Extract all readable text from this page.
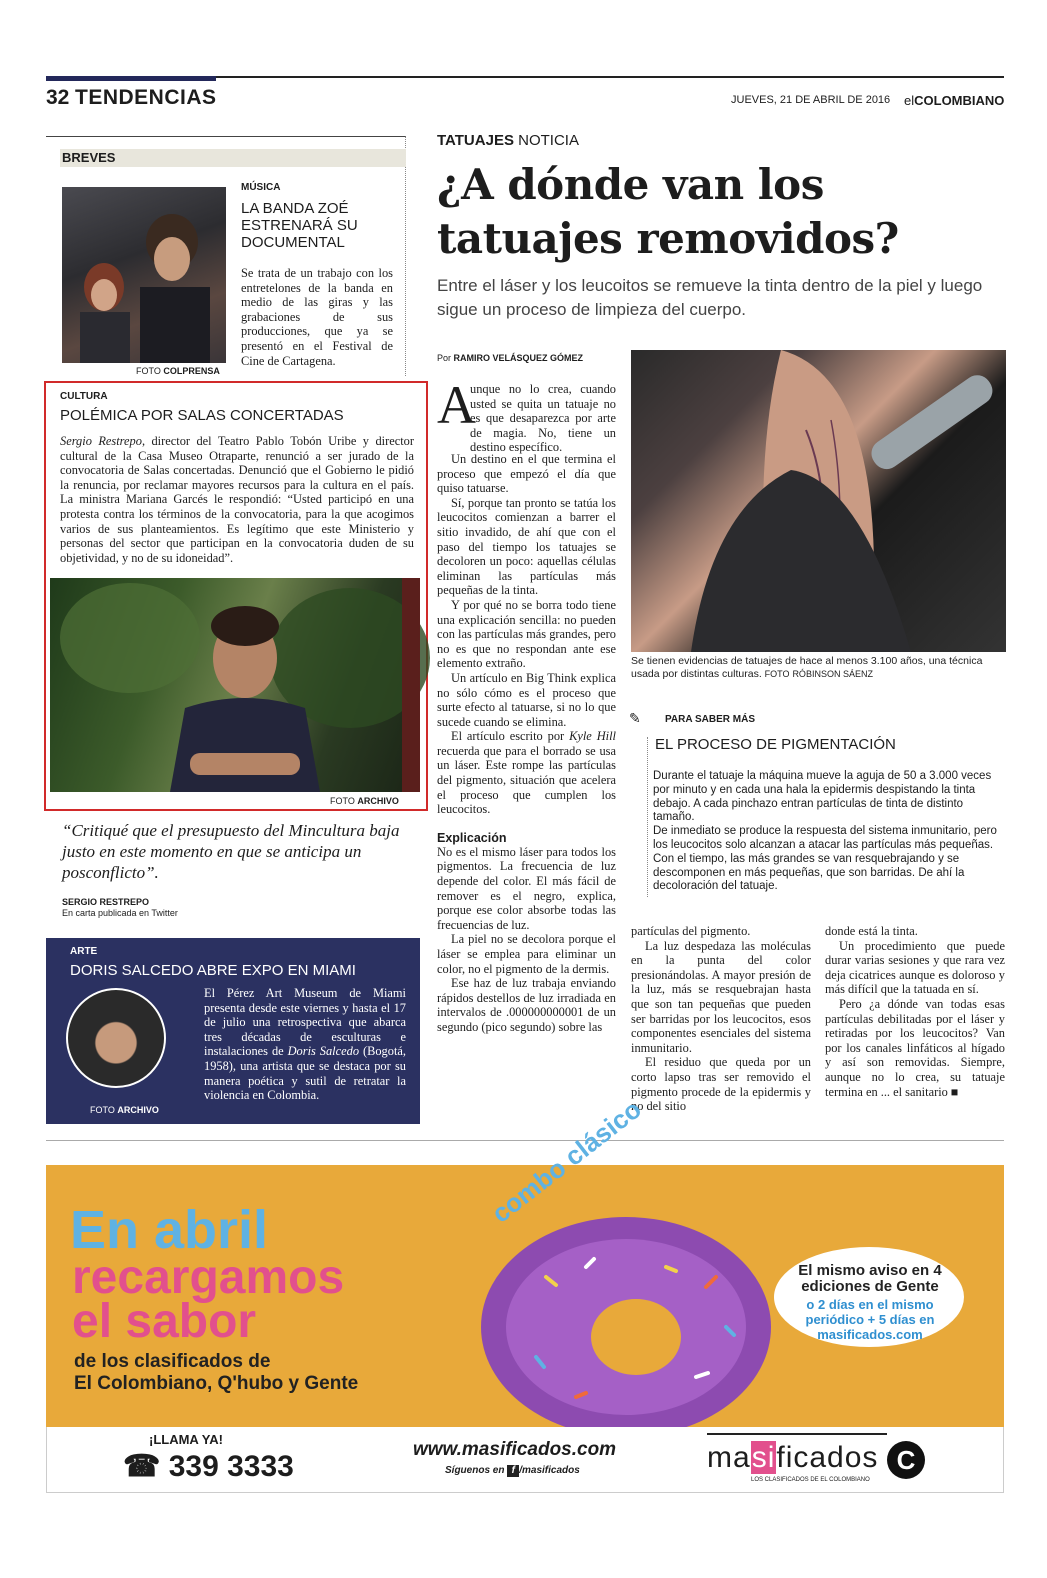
32 TENDENCIAS	JUEVES, 21 DE ABRIL DE 2016 elCOLOMBIANO
BREVES
MÚSICA
LA BANDA ZOÉ ESTRENARÁ SU DOCUMENTAL
Se trata de un trabajo con los entretelones de la banda en medio de las giras y las grabaciones de sus producciones, que ya se presentó en el Festival de Cine de Cartagena.
FOTO COLPRENSA
CULTURA
POLÉMICA POR SALAS CONCERTADAS
Sergio Restrepo, director del Teatro Pablo Tobón Uribe y director cultural de la Casa Museo Otraparte, renunció a ser jurado de la convocatoria de Salas concertadas. Denunció que el Gobierno le pidió la renuncia, por reclamar mayores recursos para la cultura en el país. La ministra Mariana Garcés le respondió: “Usted participó en una protesta contra los términos de la convocatoria, para la que acogimos varios de sus planteamientos. Es legítimo que este Ministerio y personas del sector que participan en la convocatoria duden de su objetividad, y no de su idoneidad”.
FOTO ARCHIVO
“Critiqué que el presupuesto del Mincultura baja justo en este momento en que se anticipa un posconflicto”.
SERGIO RESTREPO
En carta publicada en Twitter
ARTE
DORIS SALCEDO ABRE EXPO EN MIAMI
FOTO ARCHIVO
El Pérez Art Museum de Miami presenta desde este viernes y hasta el 17 de julio una retrospectiva que abarca tres décadas de esculturas e instalaciones de Doris Salcedo (Bogotá, 1958), una artista que se destaca por su manera poética y sutil de retratar la violencia en Colombia.
TATUAJES NOTICIA
¿A dónde van los tatuajes removidos?
Entre el láser y los leucoitos se remueve la tinta dentro de la piel y luego sigue un proceso de limpieza del cuerpo.
Por RAMIRO VELÁSQUEZ GÓMEZ
A
unque no lo crea, cuando usted se quita un tatuaje no es que desaparezca por arte de magia. No, tiene un destino específico.

Un destino en el que termina el proceso que empezó el día que quiso tatuarse.

Sí, porque tan pronto se tatúa los leucocitos comienzan a barrer el sitio invadido, de ahí que con el paso del tiempo los tatuajes se decoloren un poco: aquellas células eliminan las partículas más pequeñas de la tinta.

Y por qué no se borra todo tiene una explicación sencilla: no pueden con las partículas más grandes, pero no es que no respondan ante ese elemento extraño.

Un artículo en Big Think explica no sólo cómo es el proceso que surte efecto al tatuarse, si no lo que sucede cuando se elimina.

El artículo escrito por Kyle Hill recuerda que para el borrado se usa un láser. Este rompe las partículas del pigmento, situación que acelera el proceso que cumplen los leucocitos.

Explicación

No es el mismo láser para todos los pigmentos. La frecuencia de luz depende del color. El más fácil de remover es el negro, explica, porque ese color absorbe todas las frecuencias de luz.

La piel no se decolora porque el láser se emplea para eliminar un color, no el pigmento de la dermis.

Ese haz de luz trabaja enviando rápidos destellos de luz irradiada en intervalos de .000000000001 de un segundo (pico segundo) sobre las

partículas del pigmento.

La luz despedaza las moléculas en la punta del color presionándolas. A mayor presión de la luz, más se resquebrajan hasta que son tan pequeñas que pueden ser barridas por los leucocitos, esos componentes esenciales del sistema inmunitario.

El residuo que queda por un corto lapso tras ser removido el pigmento procede de la epidermis y no del sitio

donde está la tinta.

Un procedimiento que puede durar varias sesiones y que rara vez deja cicatrices aunque es doloroso y más difícil que la tatuada en sí.

Pero ¿a dónde van todas esas partículas debilitadas por el láser y retiradas por los leucocitos? Van por los canales linfáticos al hígado y así son removidas. Siempre, aunque no lo crea, su tatuaje termina en ... el sanitario ■

Se tienen evidencias de tatuajes de hace al menos 3.100 años, una técnica usada por distintas culturas. FOTO RÓBINSON SÁENZ
✎ PARA SABER MÁS
EL PROCESO DE PIGMENTACIÓN

Durante el tatuaje la máquina mueve la aguja de 50 a 3.000 veces por minuto y en cada una hala la epidermis despistando la tinta debajo. A cada pinchazo entran partículas de tinta de distinto tamaño.

De inmediato se produce la respuesta del sistema inmunitario, pero los leucocitos solo alcanzan a atacar las partículas más pequeñas. Con el tiempo, las más grandes se van resquebrajando y se descomponen en más pequeñas, que son barridas. De ahí la decoloración del tatuaje.

En abril
recargamos
el sabor
de los clasificados de
El Colombiano, Q'hubo y Gente
combo clásico
El mismo aviso en 4 ediciones de Gente
o 2 días en el mismo periódico + 5 días en masificados.com
¡LLAMA YA!
☎ 339 3333
www.masificados.com
Síguenos en f /masificados	masificados
LOS CLASIFICADOS DE EL COLOMBIANO
C
